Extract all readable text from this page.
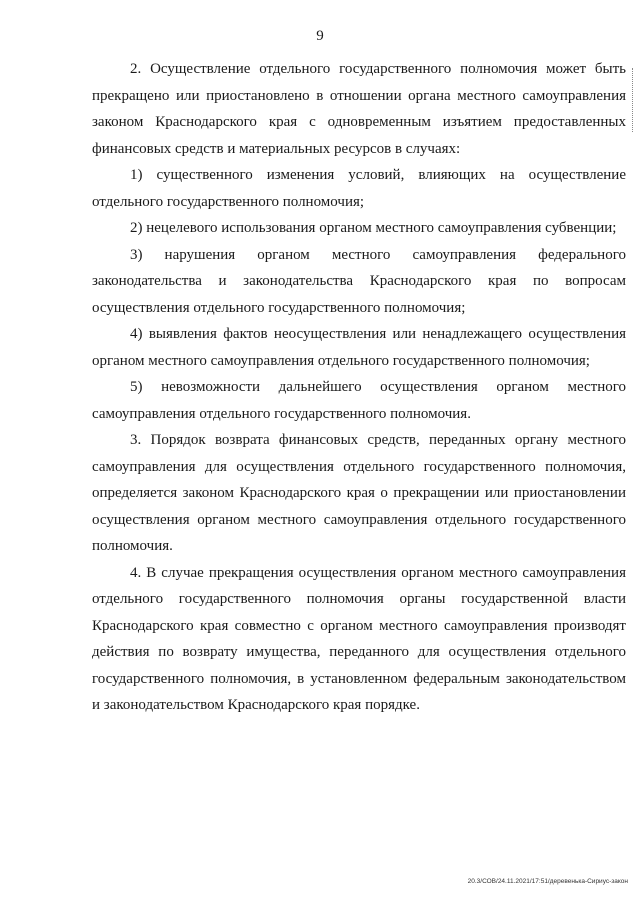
9

2. Осуществление отдельного государственного полномочия может быть прекращено или приостановлено в отношении органа местного самоуправления законом Краснодарского края с одновременным изъятием предоставленных финансовых средств и материальных ресурсов в случаях:

1) существенного изменения условий, влияющих на осуществление отдельного государственного полномочия;

2) нецелевого использования органом местного самоуправления субвенции;

3) нарушения органом местного самоуправления федерального законодательства и законодательства Краснодарского края по вопросам осуществления отдельного государственного полномочия;

4) выявления фактов неосуществления или ненадлежащего осуществления органом местного самоуправления отдельного государственного полномочия;

5) невозможности дальнейшего осуществления органом местного самоуправления отдельного государственного полномочия.

3. Порядок возврата финансовых средств, переданных органу местного самоуправления для осуществления отдельного государственного полномочия, определяется законом Краснодарского края о прекращении или приостановлении осуществления органом местного самоуправления отдельного государственного полномочия.

4. В случае прекращения осуществления органом местного самоуправления отдельного государственного полномочия органы государственной власти Краснодарского края совместно с органом местного самоуправления производят действия по возврату имущества, переданного для осуществления отдельного государственного полномочия, в установленном федеральным законодательством и законодательством Краснодарского края порядке.

20.3/СОВ/24.11.2021/17:51/деревенька-Сириус-закон
